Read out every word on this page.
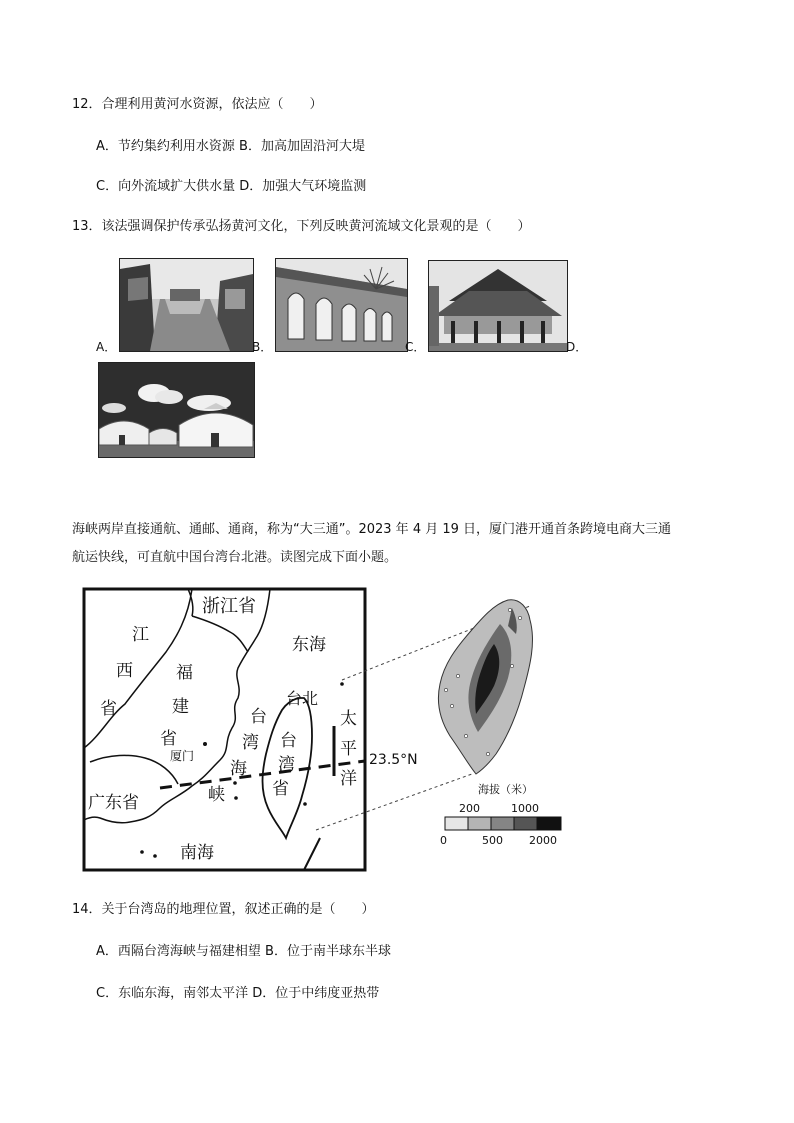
12．合理利用黄河水资源，依法应（　　）
A．节约集约利用水资源 B．加高加固沿河大堤
C．向外流域扩大供水量 D．加强大气环境监测
13．该法强调保护传承弘扬黄河文化，下列反映黄河流域文化景观的是（　　）
A．	B．	C．	D．
海峡两岸直接通航、通邮、通商，称为“大三通”。2023 年 4 月 19 日，厦门港开通首条跨境电商大三通
航运快线，可直航中国台湾台北港。读图完成下面小题。
浙江省
东海
江
西
省
福
建
省
厦门
台
湾
海
峡
台北
台
湾
省
太
平
洋
23.5°N
广东省
南海
海拔（米）
200	1000
0	500 2000
14．关于台湾岛的地理位置，叙述正确的是（　　）
A．西隔台湾海峡与福建相望 B．位于南半球东半球
C．东临东海，南邻太平洋 D．位于中纬度亚热带
